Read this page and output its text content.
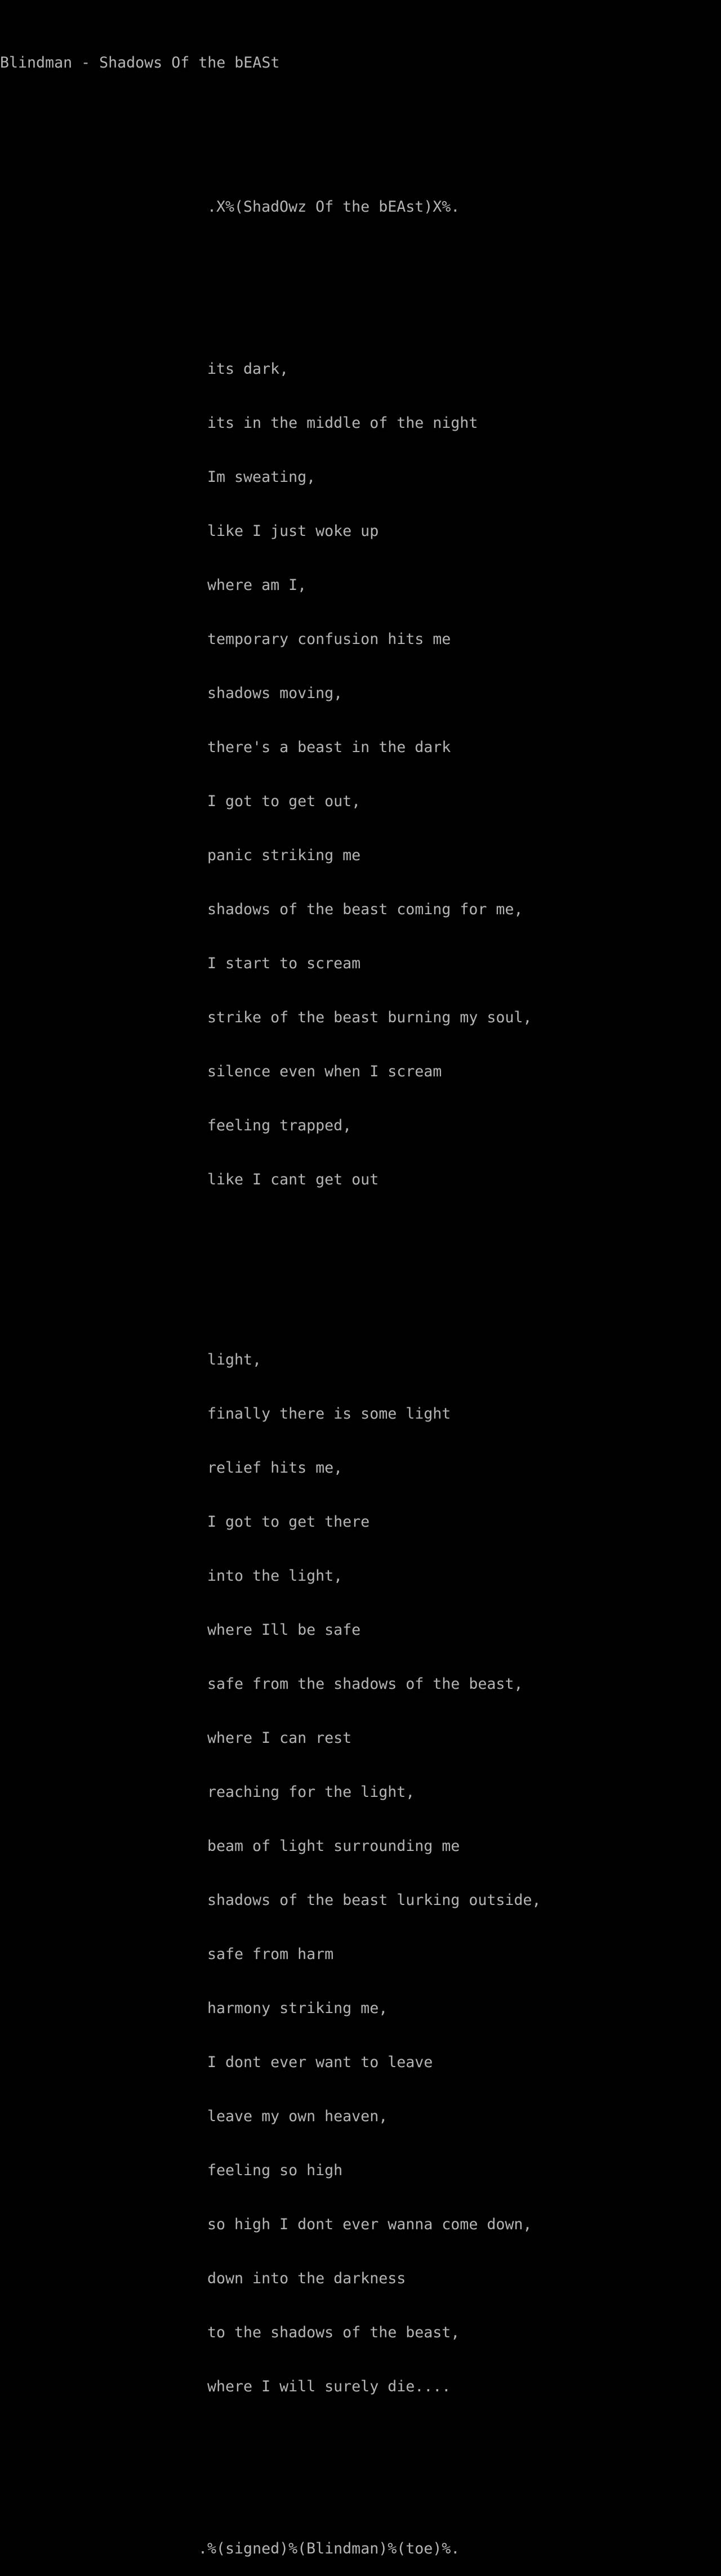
Blindman - Shadows Of the bEASt

.X%(ShadOwz Of the bEAst)X%.

its dark,

its in the middle of the night

Im sweating,

like I just woke up

where am I,

temporary confusion hits me

shadows moving,

there's a beast in the dark

I got to get out,

panic striking me

shadows of the beast coming for me,

I start to scream

strike of the beast burning my soul,

silence even when I scream

feeling trapped,

like I cant get out

light,

finally there is some light

relief hits me,

I got to get there

into the light,

where Ill be safe

safe from the shadows of the beast,

where I can rest

reaching for the light,

beam of light surrounding me

shadows of the beast lurking outside,

safe from harm

harmony striking me,

I dont ever want to leave

leave my own heaven,

feeling so high

so high I dont ever wanna come down,

down into the darkness

to the shadows of the beast,

where I will surely die....

.%(signed)%(Blindman)%(toe)%.
